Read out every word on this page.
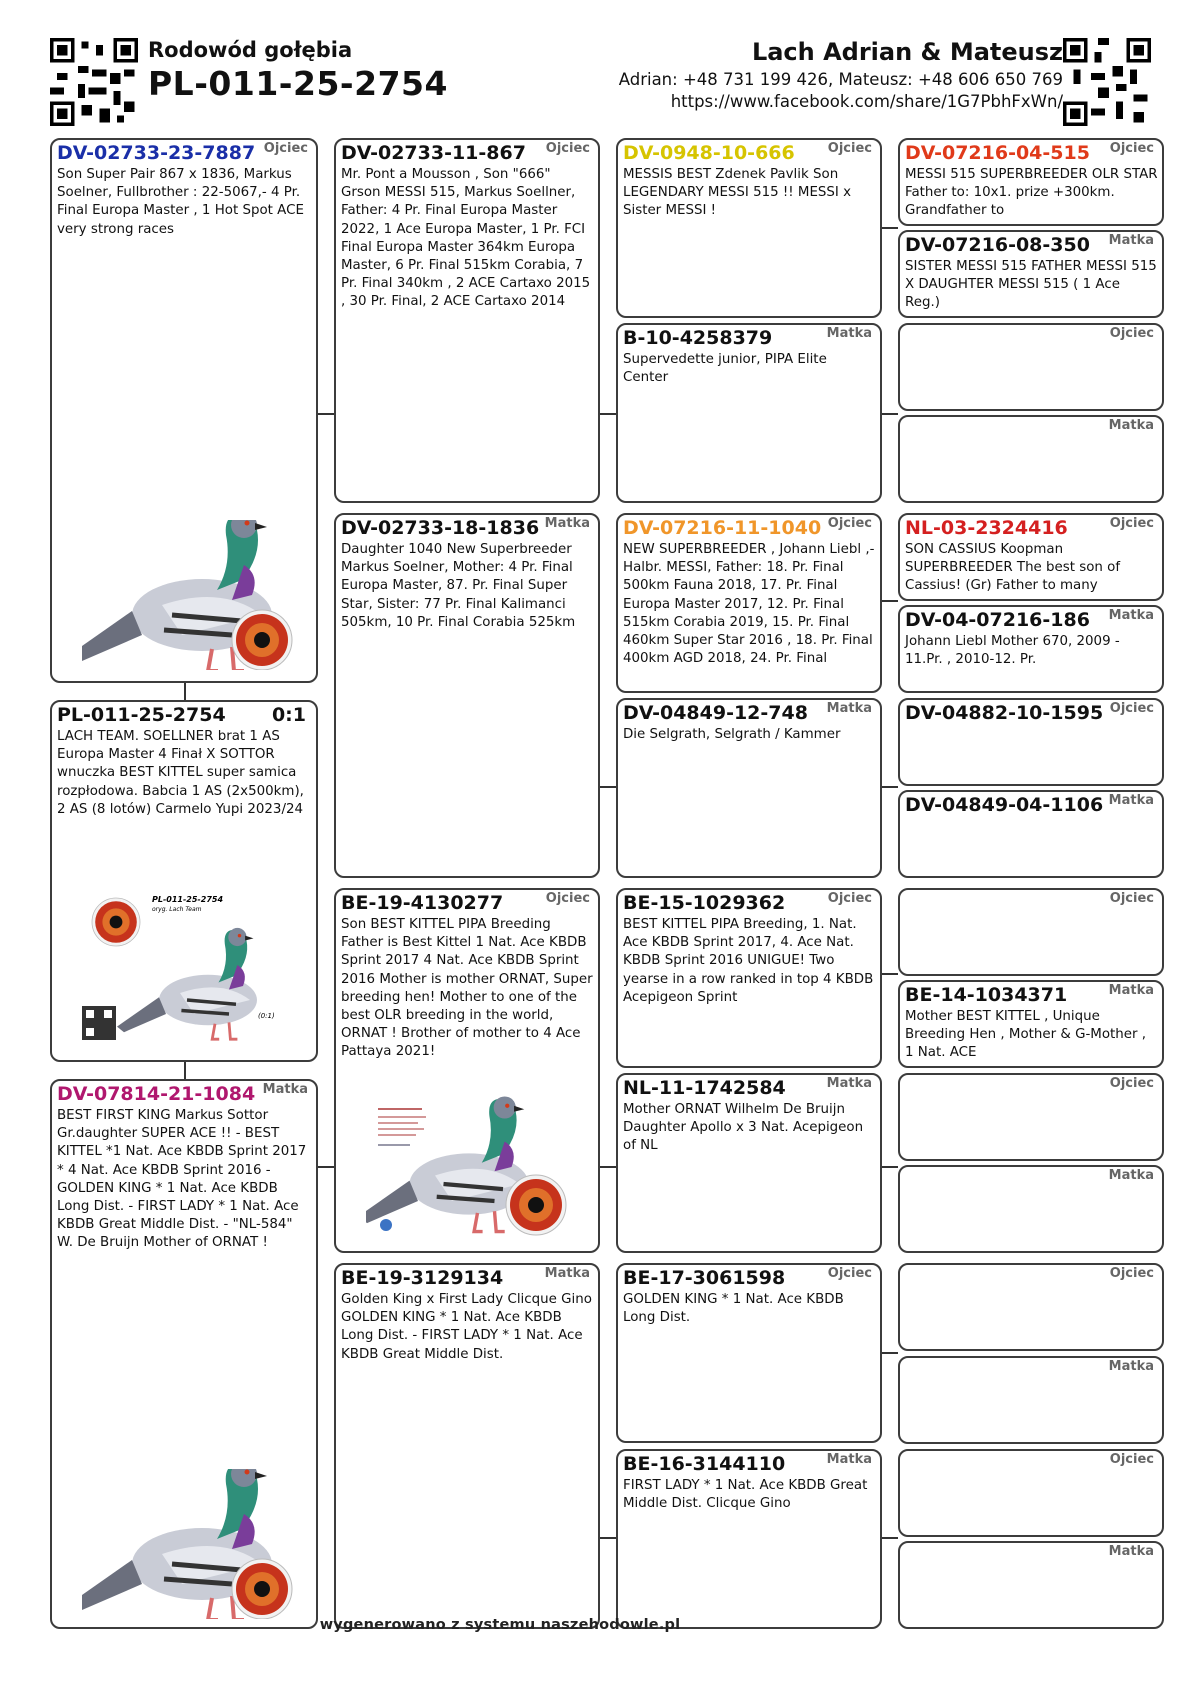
Rodowód gołębia
PL-011-25-2754
Lach Adrian & Mateusz
Adrian: +48 731 199 426, Mateusz: +48 606 650 769
https://www.facebook.com/share/1G7PbhFxWn/
DV-02733-23-7887 Ojciec
Son Super Pair 867 x 1836, Markus Soelner, Fullbrother : 22-5067,- 4 Pr. Final Europa Master , 1 Hot Spot ACE very strong races
PL-011-25-2754 0:1
LACH TEAM. SOELLNER brat 1 AS Europa Master 4 Finał X SOTTOR wnuczka BEST KITTEL super samica rozpłodowa. Babcia 1 AS (2x500km), 2 AS (8 lotów) Carmelo Yupi 2023/24
PL-011-25-2754
oryg. Lach Team
(0:1)
DV-07814-21-1084 Matka
BEST FIRST KING Markus Sottor Gr.daughter SUPER ACE !! - BEST KITTEL *1 Nat. Ace KBDB Sprint 2017 * 4 Nat. Ace KBDB Sprint 2016 - GOLDEN KING * 1 Nat. Ace KBDB Long Dist. - FIRST LADY * 1 Nat. Ace KBDB Great Middle Dist. - "NL-584" W. De Bruijn Mother of ORNAT !
DV-02733-11-867 Ojciec
Mr. Pont a Mousson , Son "666" Grson MESSI 515, Markus Soellner, Father: 4 Pr. Final Europa Master 2022, 1 Ace Europa Master, 1 Pr. FCI Final Europa Master 364km Europa Master, 6 Pr. Final 515km Corabia, 7 Pr. Final 340km , 2 ACE Cartaxo 2015 , 30 Pr. Final, 2 ACE Cartaxo 2014
DV-02733-18-1836 Matka
Daughter 1040 New Superbreeder Markus Soelner, Mother: 4 Pr. Final Europa Master, 87. Pr. Final Super Star, Sister: 77 Pr. Final Kalimanci 505km, 10 Pr. Final Corabia 525km
BE-19-4130277	Ojciec
Son BEST KITTEL PIPA Breeding Father is Best Kittel 1 Nat. Ace KBDB Sprint 2017 4 Nat. Ace KBDB Sprint 2016 Mother is mother ORNAT, Super breeding hen! Mother to one of the best OLR breeding in the world, ORNAT ! Brother of mother to 4 Ace Pattaya 2021!
BE-19-3129134	Matka
Golden King x First Lady Clicque Gino GOLDEN KING * 1 Nat. Ace KBDB Long Dist. - FIRST LADY * 1 Nat. Ace KBDB Great Middle Dist.
DV-0948-10-666	Ojciec
MESSIS BEST Zdenek Pavlik Son LEGENDARY MESSI 515 !! MESSI x Sister MESSI !
B-10-4258379	Matka
Supervedette junior, PIPA Elite Center
DV-07216-11-1040 Ojciec
NEW SUPERBREEDER , Johann Liebl ,- Halbr. MESSI, Father: 18. Pr. Final 500km Fauna 2018, 17. Pr. Final Europa Master 2017, 12. Pr. Final 515km Corabia 2019, 15. Pr. Final 460km Super Star 2016 , 18. Pr. Final 400km AGD 2018, 24. Pr. Final
DV-04849-12-748 Matka
Die Selgrath, Selgrath / Kammer
BE-15-1029362	Ojciec
BEST KITTEL PIPA Breeding, 1. Nat. Ace KBDB Sprint 2017, 4. Ace Nat. KBDB Sprint 2016 UNIGUE! Two yearse in a row ranked in top 4 KBDB Acepigeon Sprint
NL-11-1742584	Matka
Mother ORNAT Wilhelm De Bruijn Daughter Apollo x 3 Nat. Acepigeon of NL
BE-17-3061598	Ojciec
GOLDEN KING * 1 Nat. Ace KBDB Long Dist.
BE-16-3144110	Matka
FIRST LADY * 1 Nat. Ace KBDB Great Middle Dist. Clicque Gino
DV-07216-04-515 Ojciec
MESSI 515 SUPERBREEDER OLR STAR Father to: 10x1. prize +300km. Grandfather to
DV-07216-08-350 Matka
SISTER MESSI 515 FATHER MESSI 515 X DAUGHTER MESSI 515 ( 1 Ace Reg.)
Ojciec
Matka
NL-03-2324416	Ojciec
SON CASSIUS Koopman SUPERBREEDER The best son of Cassius! (Gr) Father to many
DV-04-07216-186 Matka
Johann Liebl Mother 670, 2009 - 11.Pr. , 2010-12. Pr.
DV-04882-10-1595 Ojciec
DV-04849-04-1106 Matka
Ojciec
BE-14-1034371	Matka
Mother BEST KITTEL , Unique Breeding Hen , Mother & G-Mother , 1 Nat. ACE
Ojciec
Matka
Ojciec
Matka
Ojciec
Matka
wygenerowano z systemu naszehodowle.pl
